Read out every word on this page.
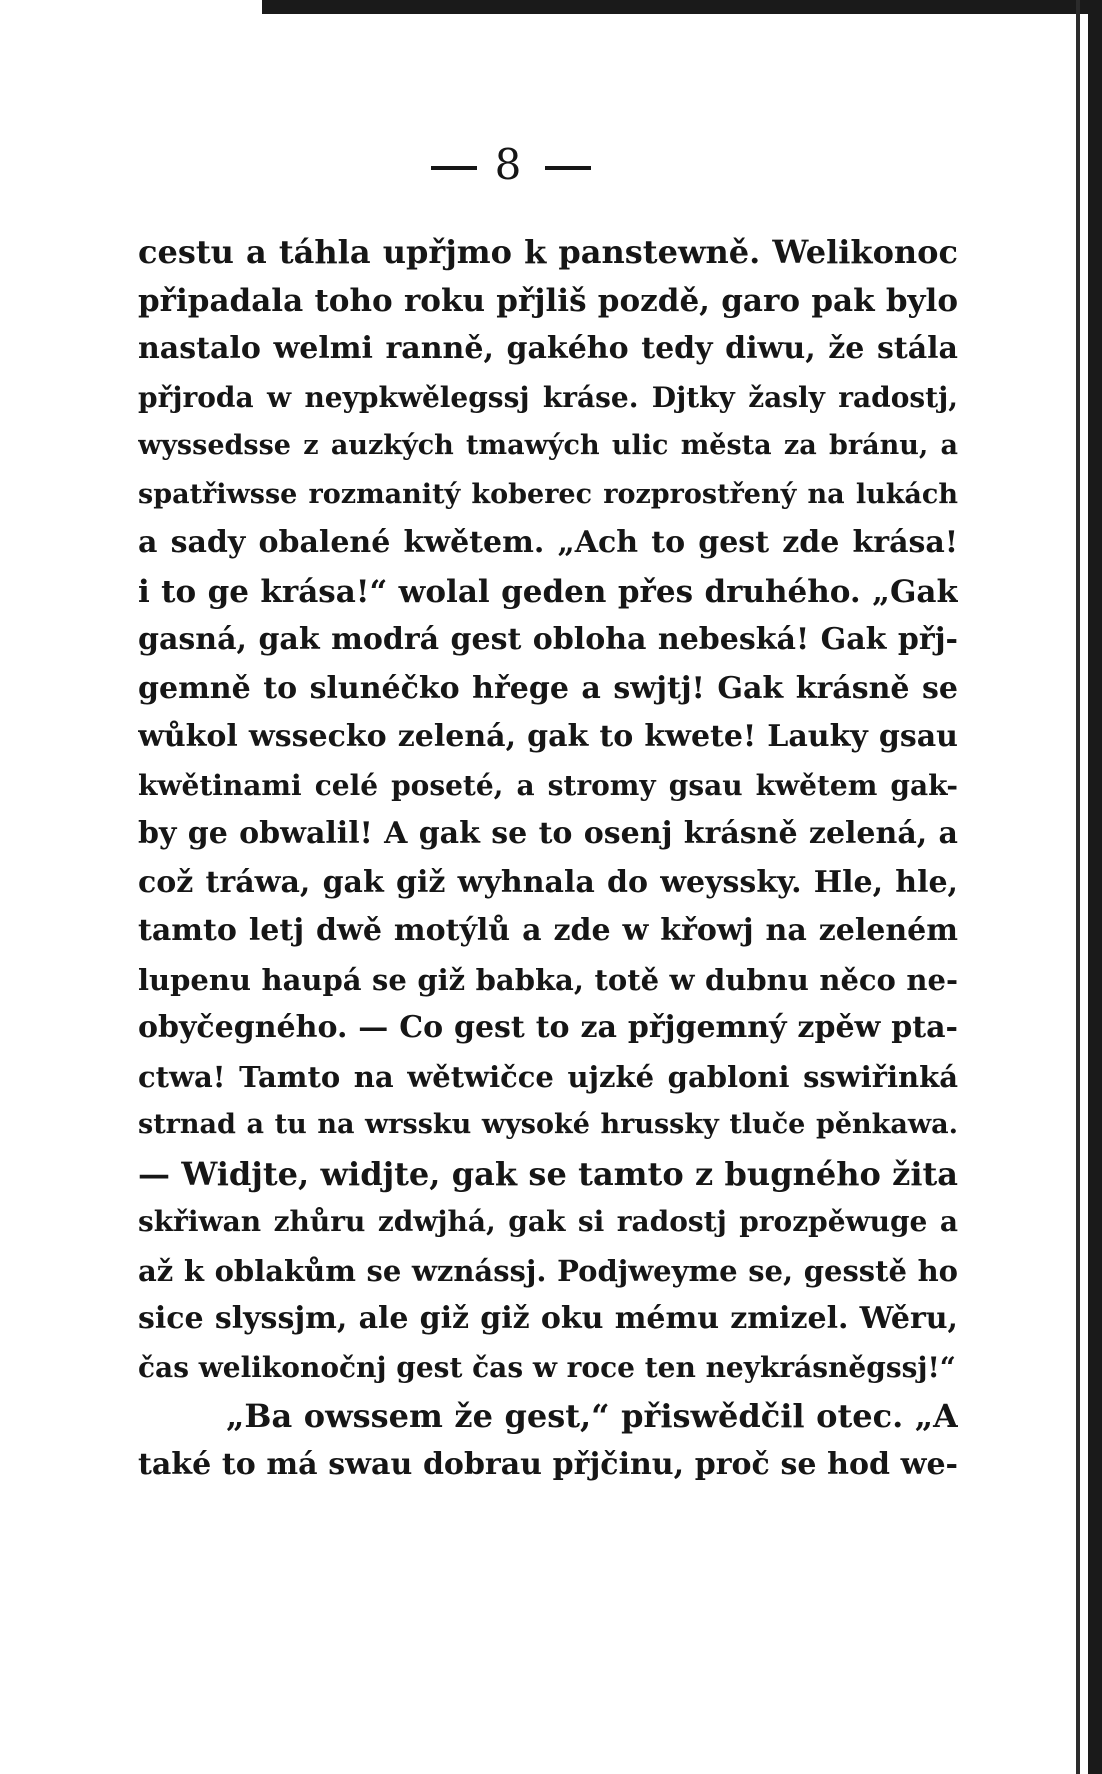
8
cestu a táhla upřjmo k panstewně. Welikonoc
připadala toho roku přjliš pozdě, garo pak bylo
nastalo welmi ranně, gakého tedy diwu, že stála
přjroda w neypkwělegssj kráse. Djtky žasly radostj,
wyssedsse z auzkých tmawých ulic města za bránu, a
spatřiwsse rozmanitý koberec rozprostřený na lukách
a sady obalené kwětem. „Ach to gest zde krása!
i to ge krása!“ wolal geden přes druhého. „Gak
gasná, gak modrá gest obloha nebeská! Gak přj-
gemně to slunéčko hřege a swjtj! Gak krásně se
wůkol wssecko zelená, gak to kwete! Lauky gsau
kwětinami celé poseté, a stromy gsau kwětem gak-
by ge obwalil! A gak se to osenj krásně zelená, a
což tráwa, gak giž wyhnala do weyssky. Hle, hle,
tamto letj dwě motýlů a zde w křowj na zeleném
lupenu haupá se giž babka, totě w dubnu něco ne-
obyčegného. — Co gest to za přjgemný zpěw pta-
ctwa! Tamto na wětwičce ujzké gabloni sswiřinká
strnad a tu na wrssku wysoké hrussky tluče pěnkawa.
— Widjte, widjte, gak se tamto z bugného žita
skřiwan zhůru zdwjhá, gak si radostj prozpěwuge a
až k oblakům se wznássj. Podjweyme se, gesstě ho
sice slyssjm, ale giž giž oku mému zmizel. Wěru,
čas welikonočnj gest čas w roce ten neykrásněgssj!“
„Ba owssem že gest,“ přiswědčil otec. „A
také to má swau dobrau přjčinu, proč se hod we-
